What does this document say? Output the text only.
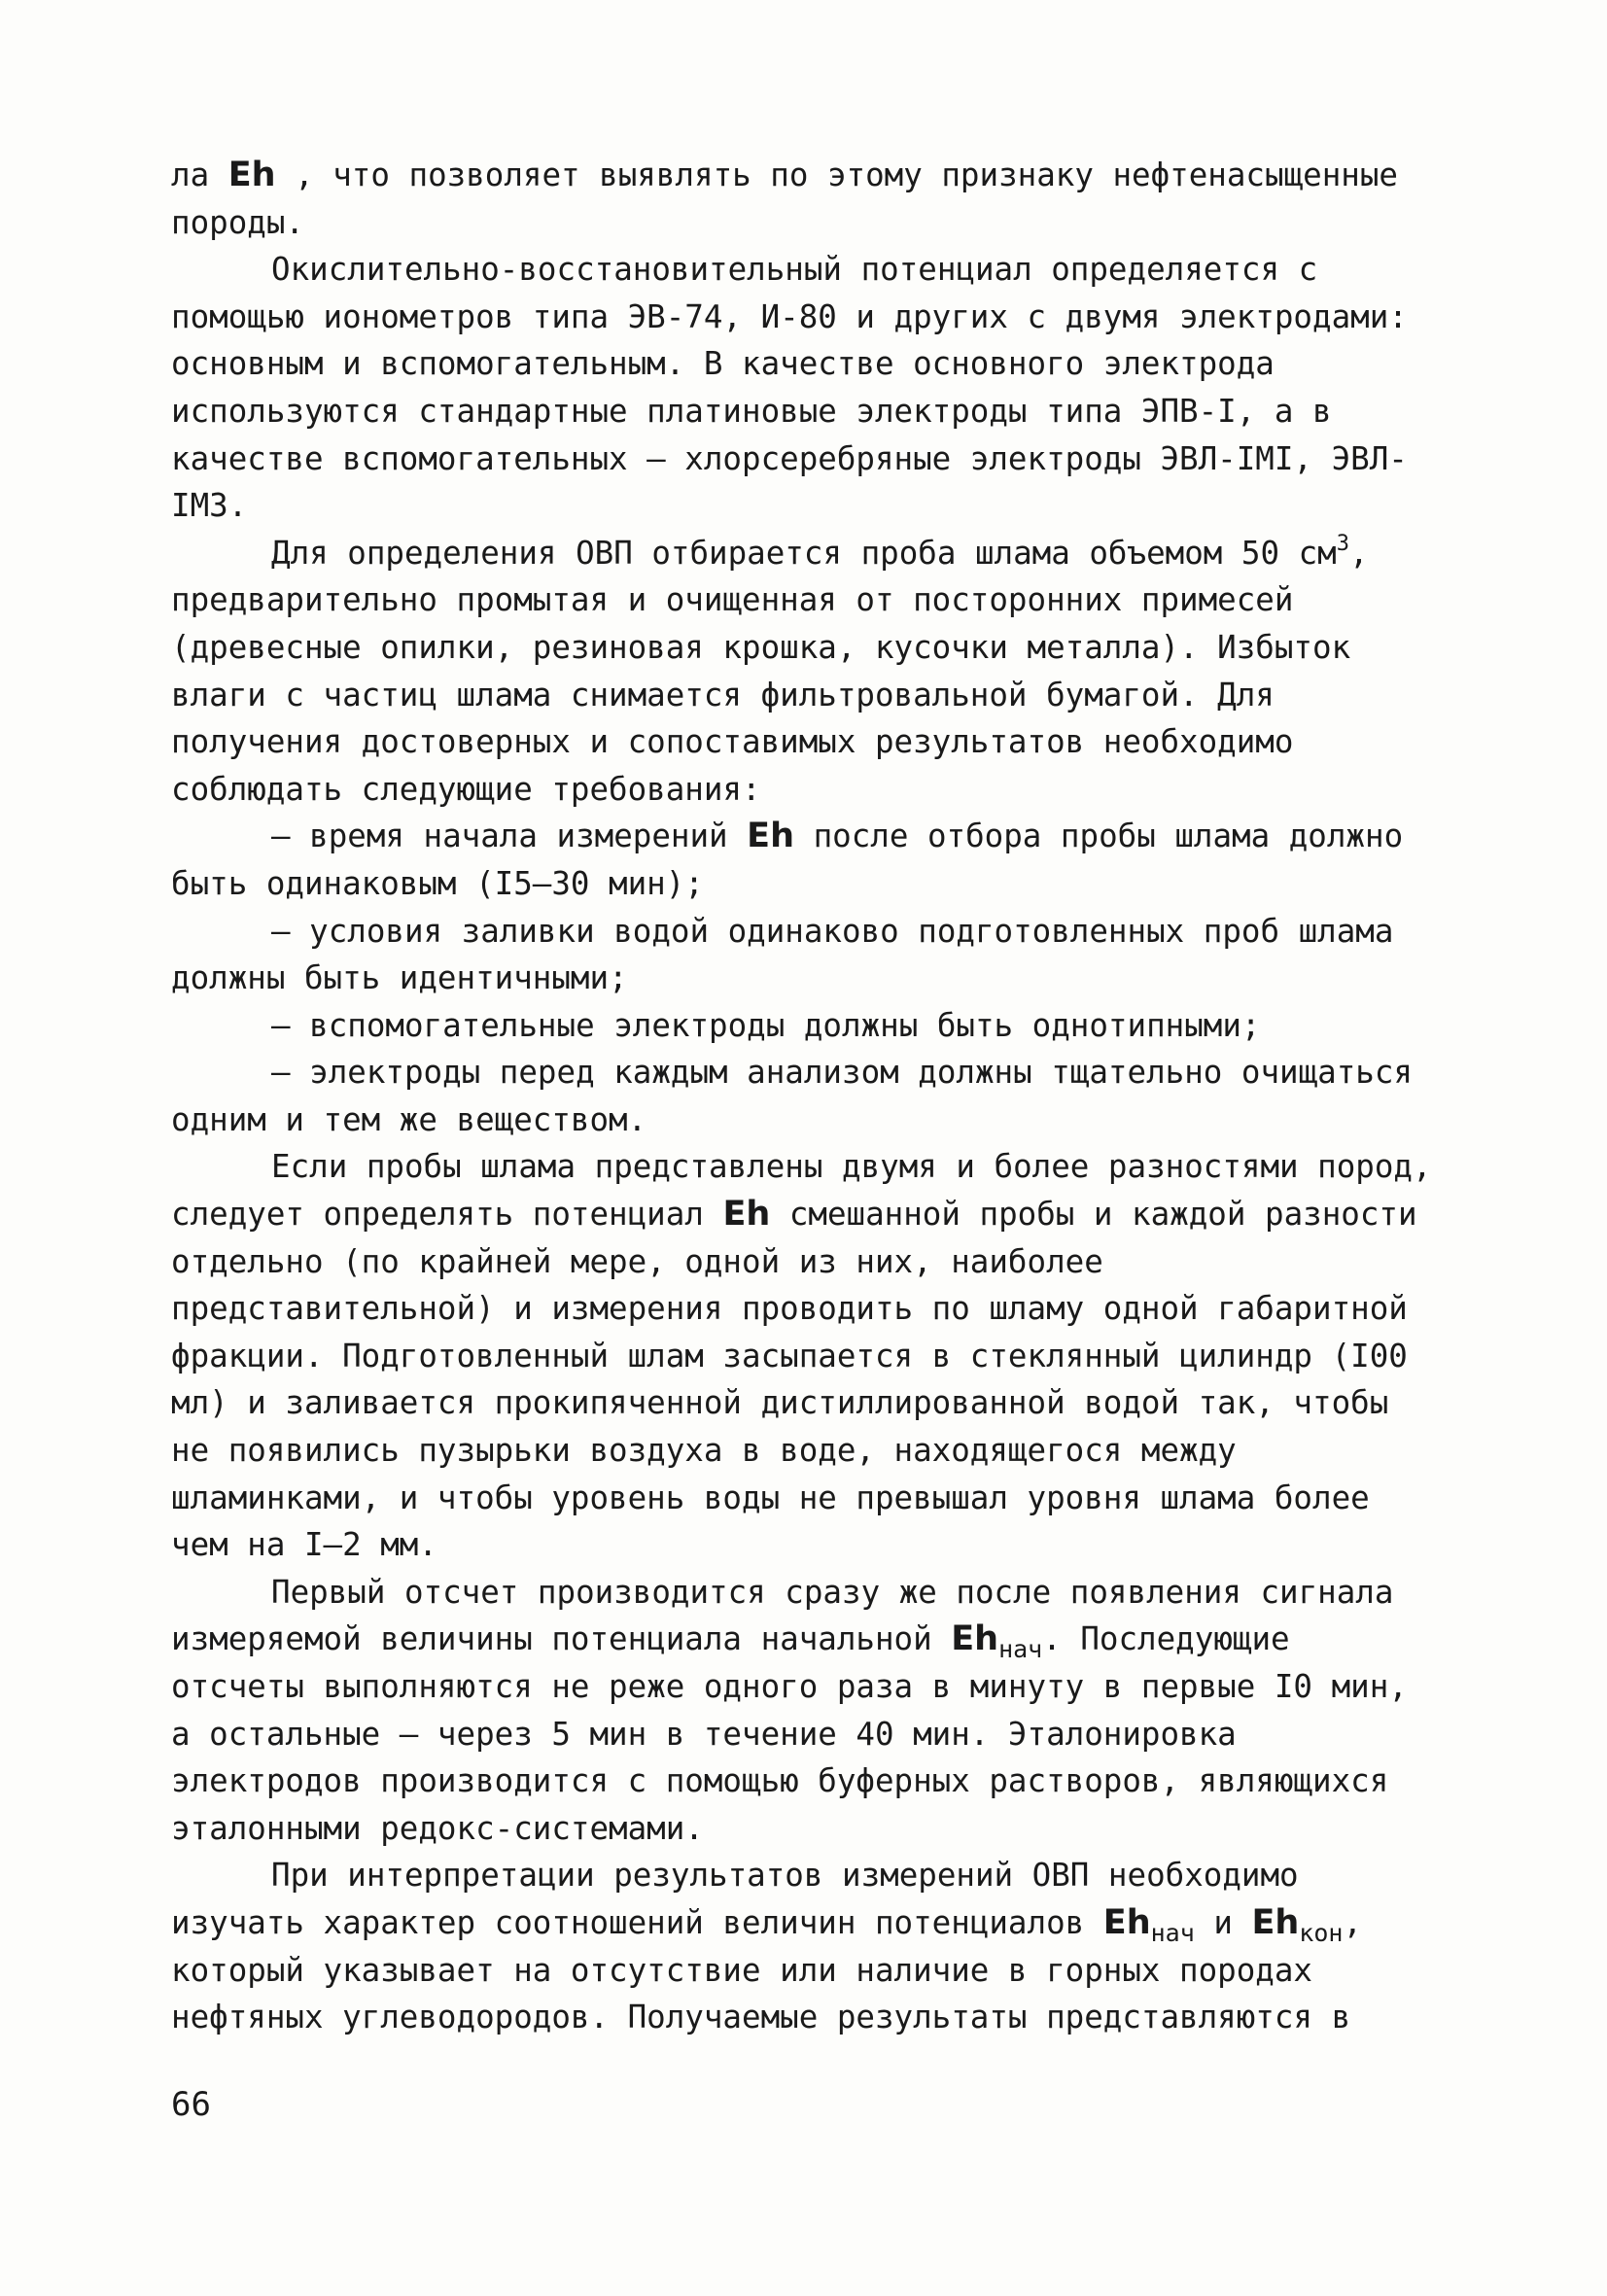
ла Eh , что позволяет выявлять по этому признаку нефтенасыщенные породы.

Окислительно-восстановительный потенциал определяется с помощью ионометров типа ЭВ-74, И-80 и других с двумя электродами: основным и вспомогательным. В качестве основного электрода используются стандартные платиновые электроды типа ЭПВ-I, а в качестве вспомогательных – хлорсеребряные электроды ЭВЛ-IМI, ЭВЛ-IМ3.

Для определения ОВП отбирается проба шлама объемом 50 $см^3$, предварительно промытая и очищенная от посторонних примесей (древесные опилки, резиновая крошка, кусочки металла). Избыток влаги с частиц шлама снимается фильтровальной бумагой. Для получения достоверных и сопоставимых результатов необходимо соблюдать следующие требования:

– время начала измерений Eh после отбора пробы шлама должно быть одинаковым (I5–30 мин);

– условия заливки водой одинаково подготовленных проб шлама должны быть идентичными;

– вспомогательные электроды должны быть однотипными;

– электроды перед каждым анализом должны тщательно очищаться одним и тем же веществом.

Если пробы шлама представлены двумя и более разностями пород, следует определять потенциал Eh смешанной пробы и каждой разности отдельно (по крайней мере, одной из них, наиболее представительной) и измерения проводить по шламу одной габаритной фракции. Подготовленный шлам засыпается в стеклянный цилиндр (I00 мл) и заливается прокипяченной дистиллированной водой так, чтобы не появились пузырьки воздуха в воде, находящегося между шламинками, и чтобы уровень воды не превышал уровня шлама более чем на I–2 мм.

Первый отсчет производится сразу же после появления сигнала измеряемой величины потенциала начальной $Eh_{нач}$. Последующие отсчеты выполняются не реже одного раза в минуту в первые I0 мин, а остальные – через 5 мин в течение 40 мин. Эталонировка электродов производится с помощью буферных растворов, являющихся эталонными редокс-системами.

При интерпретации результатов измерений ОВП необходимо изучать характер соотношений величин потенциалов $Eh_{нач}$ и $Eh_{кон}$, который указывает на отсутствие или наличие в горных породах нефтяных углеводородов. Получаемые результаты представляются в

66
